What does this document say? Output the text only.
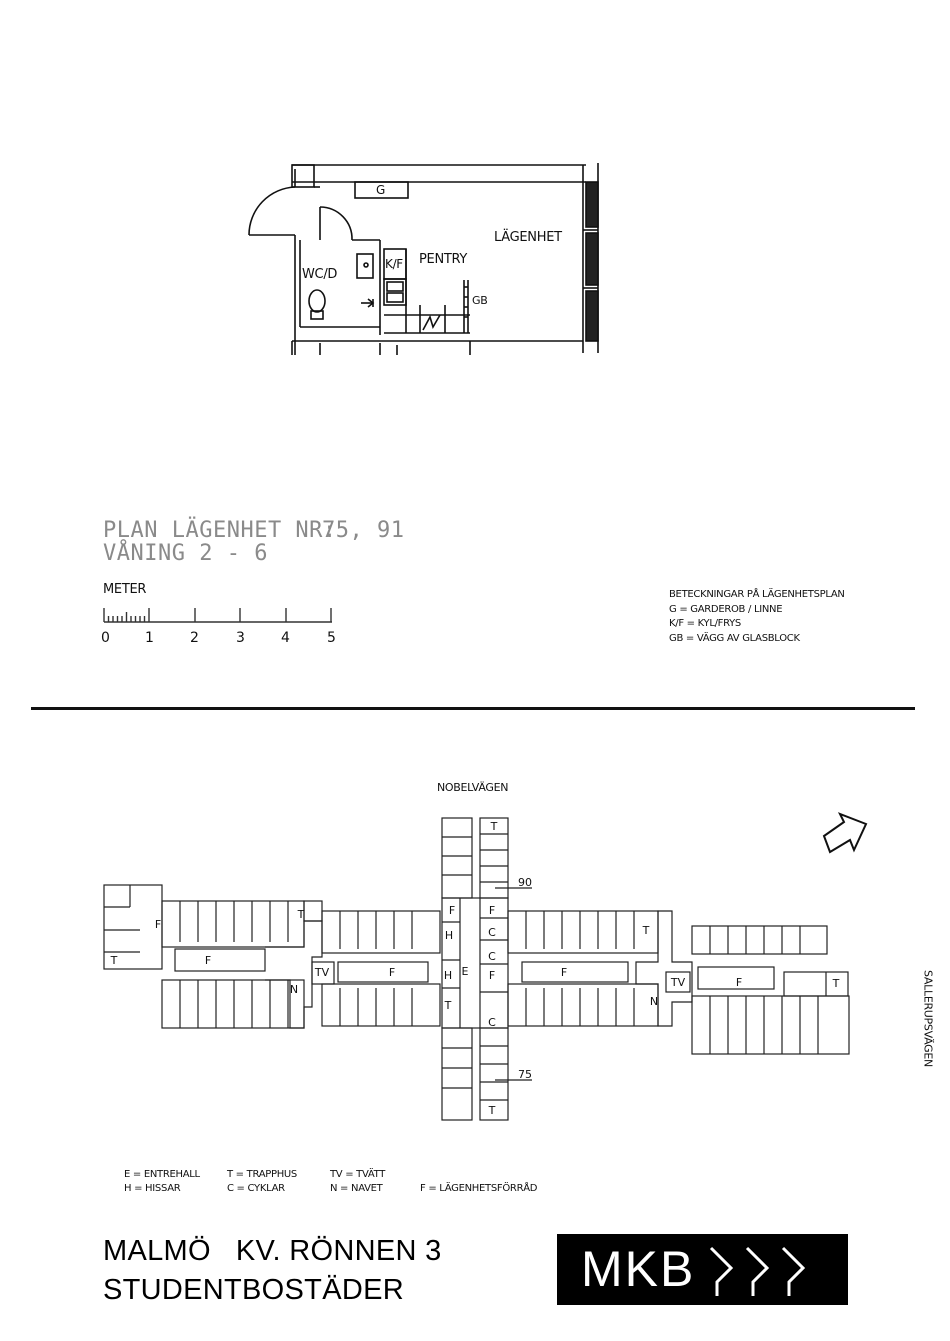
G
LÄGENHET
WC/D
K/F PENTRY
GB
PLAN LÄGENHET NR:
75, 91
VÅNING 2 - 6
METER
0	1	2	3	4	5
BETECKNINGAR PÅ LÄGENHETSPLAN
G = GARDEROB / LINNE
K/F = KYL/FRYS
GB = VÄGG AV GLASBLOCK
NOBELVÄGEN
SALLERUPSVÄGEN
F
T	F
T
N
TV	F
T
F	F
H	C
C
H E F
T
C
T
F
T
N
TV	F	T
90
75
E = ENTREHALL
H = HISSAR
T = TRAPPHUS
C = CYKLAR
TV = TVÄTT
N = NAVET	F = LÄGENHETSFÖRRÅD
MALMÖ   KV. RÖNNEN 3
STUDENTBOSTÄDER	MKB
